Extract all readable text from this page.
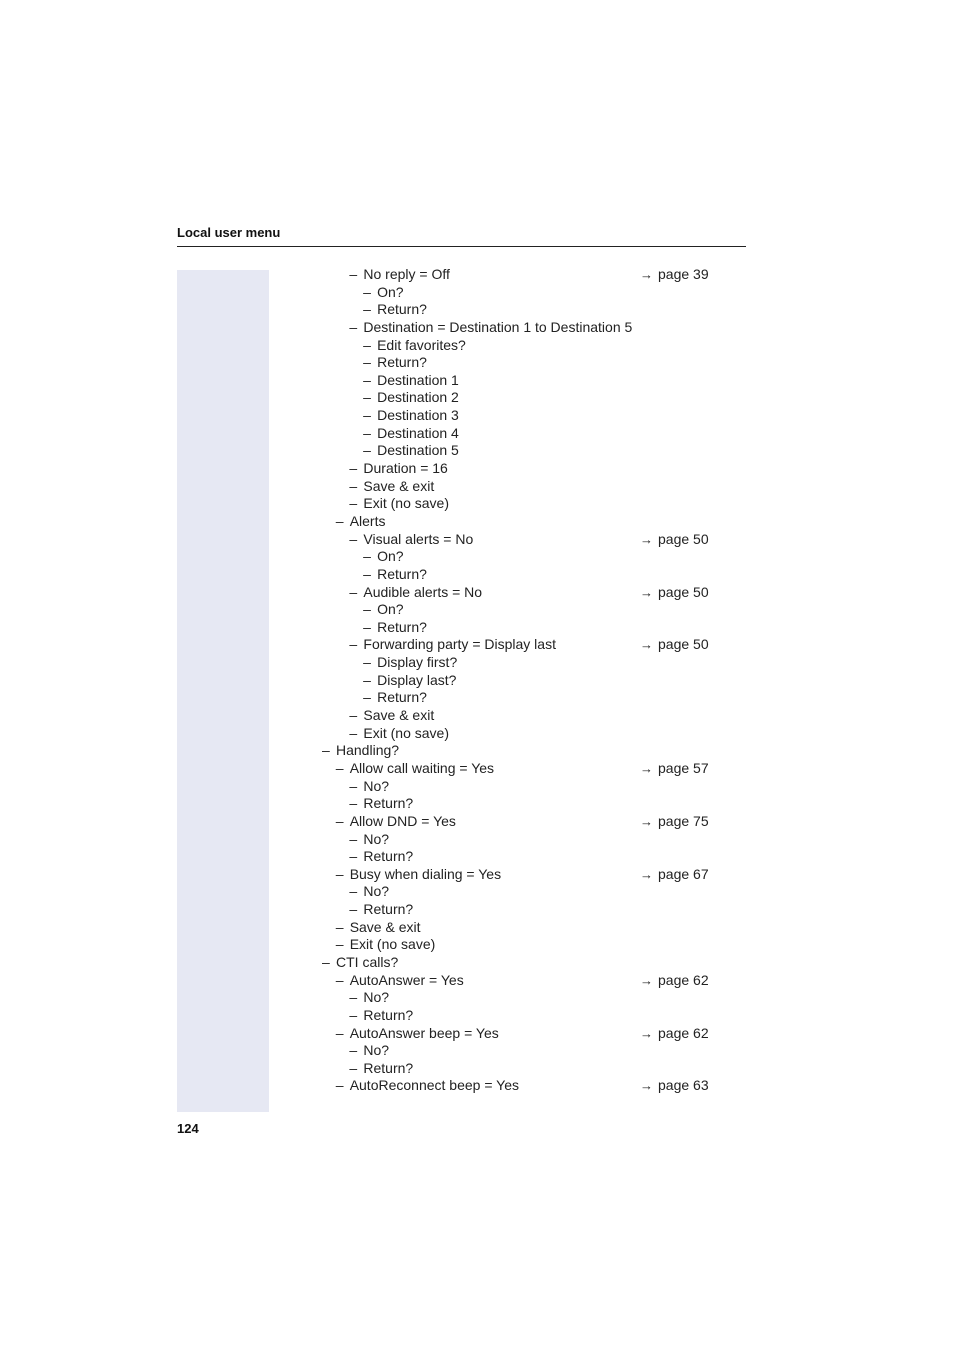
Local user menu
– No reply = Off	→ page 39
– On?
– Return?
– Destination = Destination 1 to Destination 5
– Edit favorites?
– Return?
– Destination 1
– Destination 2
– Destination 3
– Destination 4
– Destination 5
– Duration = 16
– Save & exit
– Exit (no save)
– Alerts
– Visual alerts = No	→ page 50
– On?
– Return?
– Audible alerts = No	→ page 50
– On?
– Return?
– Forwarding party = Display last	→ page 50
– Display first?
– Display last?
– Return?
– Save & exit
– Exit (no save)
– Handling?
– Allow call waiting = Yes	→ page 57
– No?
– Return?
– Allow DND = Yes	→ page 75
– No?
– Return?
– Busy when dialing = Yes	→ page 67
– No?
– Return?
– Save & exit
– Exit (no save)
– CTI calls?
– AutoAnswer = Yes	→ page 62
– No?
– Return?
– AutoAnswer beep = Yes	→ page 62
– No?
– Return?
– AutoReconnect beep = Yes	→ page 63
124
